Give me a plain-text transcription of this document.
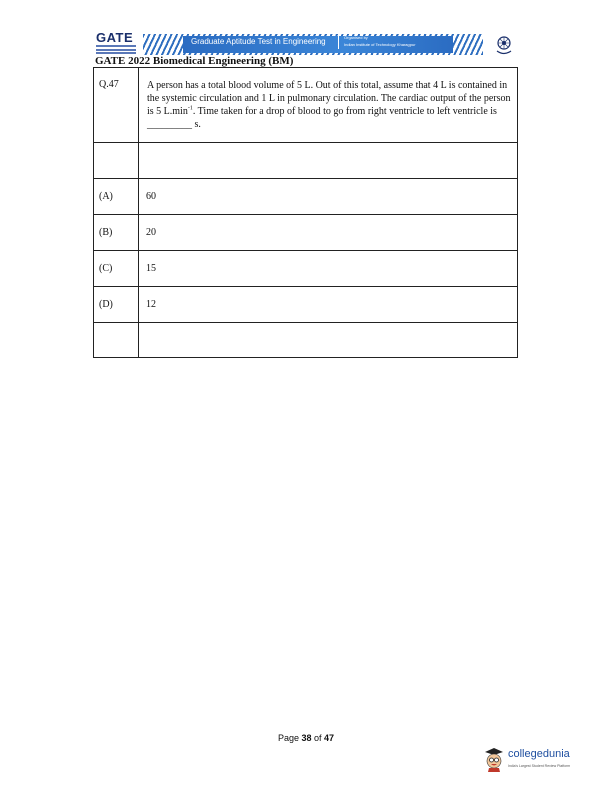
GATE	Graduate Aptitude Test in Engineering	Organised by
Indian Institute of Technology Kharagpur
GATE 2022 Biomedical Engineering (BM)
Q.47	A person has a total blood volume of 5 L. Out of this total, assume that 4 L is contained in the systemic circulation and 1 L in pulmonary circulation. The cardiac output of the person is 5 $L.\min^{-1}$. Time taken for a drop of blood to go from right ventricle to left ventricle is _________ s.

(A)	60
(B)	20
(C)	15
(D)	12

Page 38 of 47
collegedunia
India's Largest Student Review Platform
